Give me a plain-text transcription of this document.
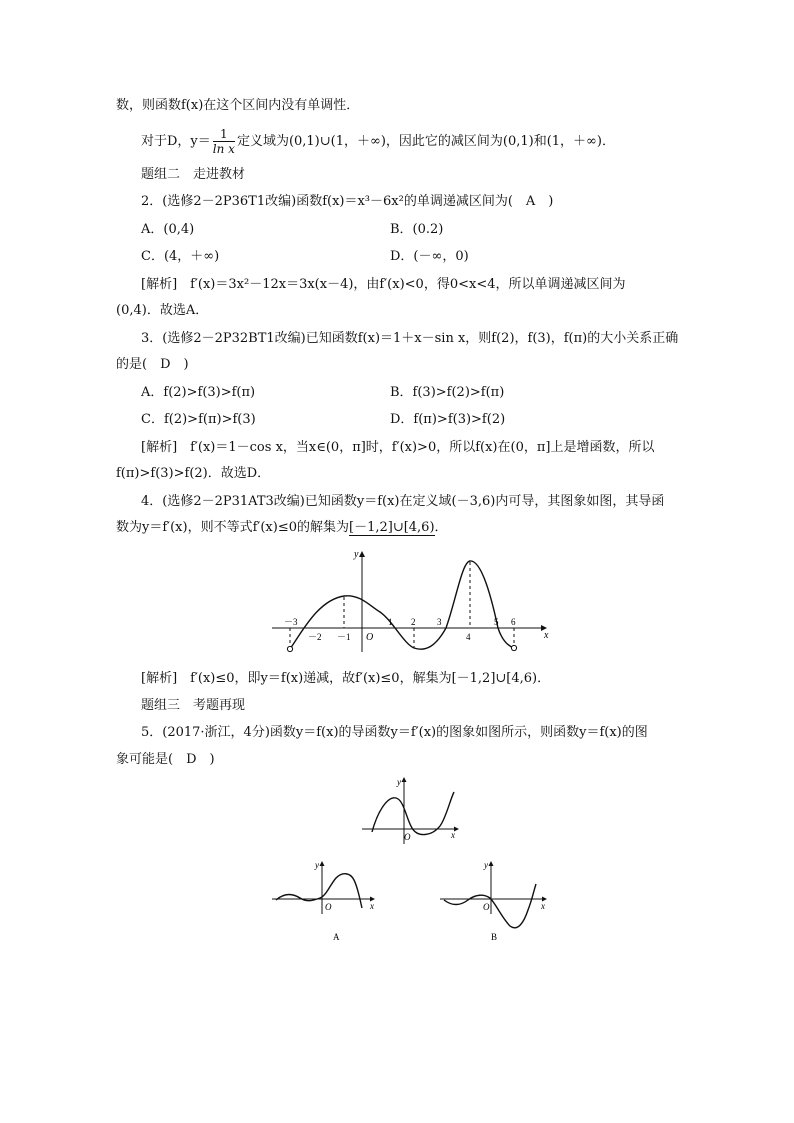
数，则函数f(x)在这个区间内没有单调性．
对于D，$y= \frac{1}{\text{ln x}}$ 定义域为(0,1)∪(1，＋∞)，因此它的减区间为(0,1)和(1，＋∞)．
题组二　走进教材
2．(选修2－2P36T1改编)函数f(x)＝x³－6x²的单调递减区间为(　A　)
A．(0,4)	B．(0.2)
C．(4，＋∞)	D．(－∞，0)
[解析]　f′(x)＝3x²－12x＝3x(x－4)，由f′(x)<0，得0<x<4，所以单调递减区间为
(0,4)．故选A．
3．(选修2－2P32BT1改编)已知函数f(x)＝1＋x－sin x，则f(2)，f(3)，f(π)的大小关系正确
的是(　D　)
A．f(2)>f(3)>f(π)	B．f(3)>f(2)>f(π)
C．f(2)>f(π)>f(3)	D．f(π)>f(3)>f(2)
[解析]　f′(x)＝1－cos x，当x∈(0，π]时，f′(x)>0，所以f(x)在(0，π]上是增函数，所以
f(π)>f(3)>f(2)．故选D．
4．(选修2－2P31AT3改编)已知函数y＝f(x)在定义域(－3,6)内可导，其图象如图，其导函
数为y＝f′(x)，则不等式f′(x)≤0的解集为[－1,2]∪[4,6)．
y
x
O
－3
－2 －1
1 2 3
4
5 6
[解析]　f′(x)≤0，即y＝f(x)递减，故f′(x)≤0，解集为[－1,2]∪[4,6)．
题组三　考题再现
5．(2017·浙江，4分)函数y＝f(x)的导函数y＝f′(x)的图象如图所示，则函数y＝f(x)的图
象可能是(　D　)
y
x
O
y
x
O
A
y
x
O
B
